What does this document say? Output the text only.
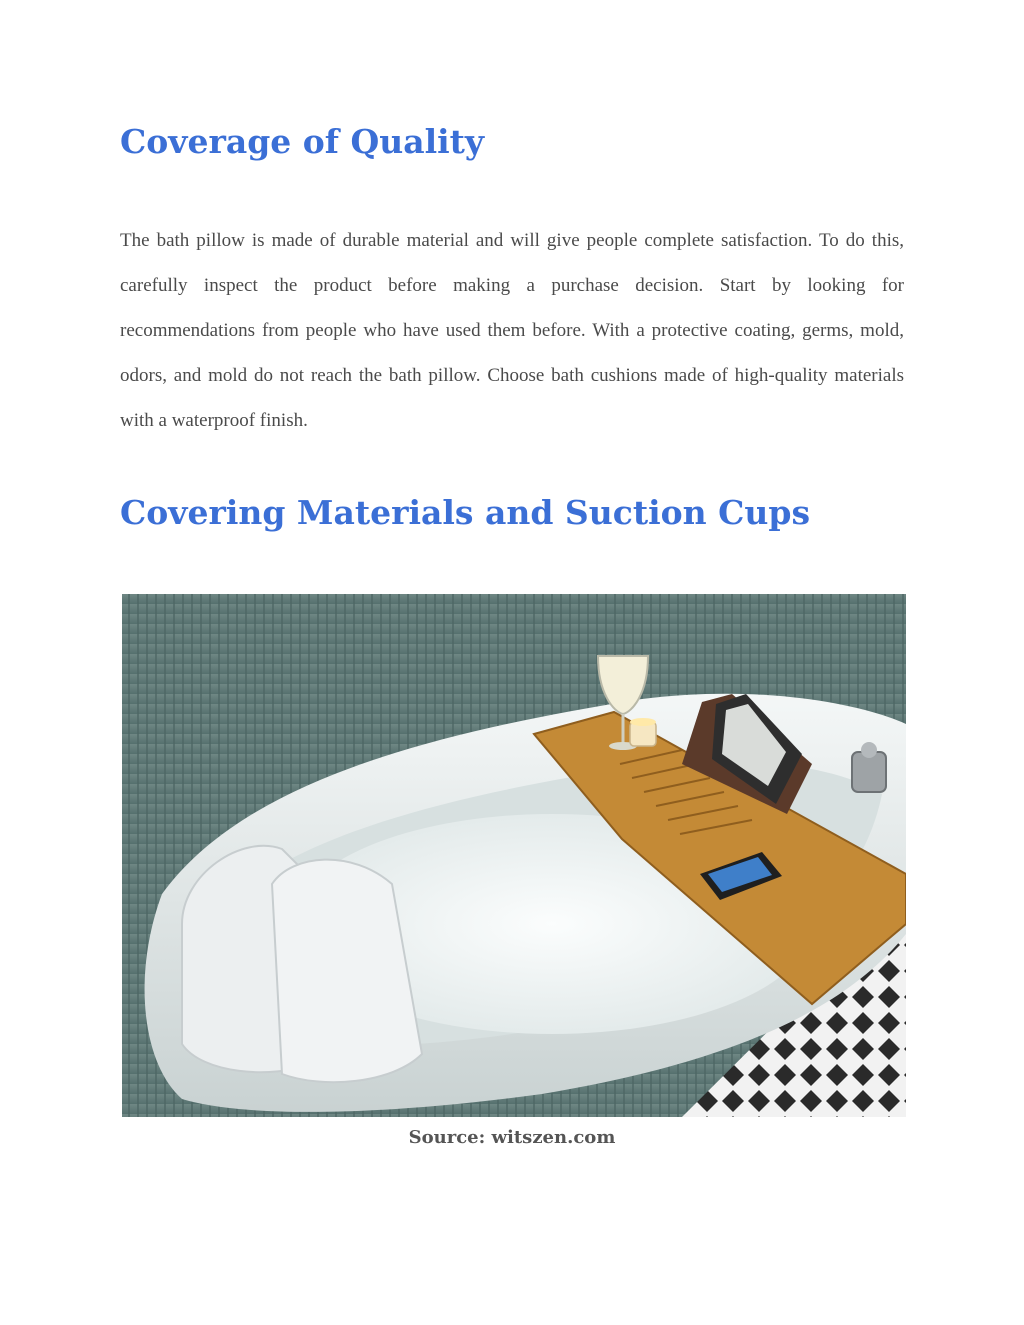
Coverage of Quality

The bath pillow is made of durable material and will give people complete satisfaction. To do this, carefully inspect the product before making a purchase decision. Start by looking for recommendations from people who have used them before. With a protective coating, germs, mold, odors, and mold do not reach the bath pillow. Choose bath cushions made of high-quality materials with a waterproof finish.

Covering Materials and Suction Cups

Source: witszen.com
